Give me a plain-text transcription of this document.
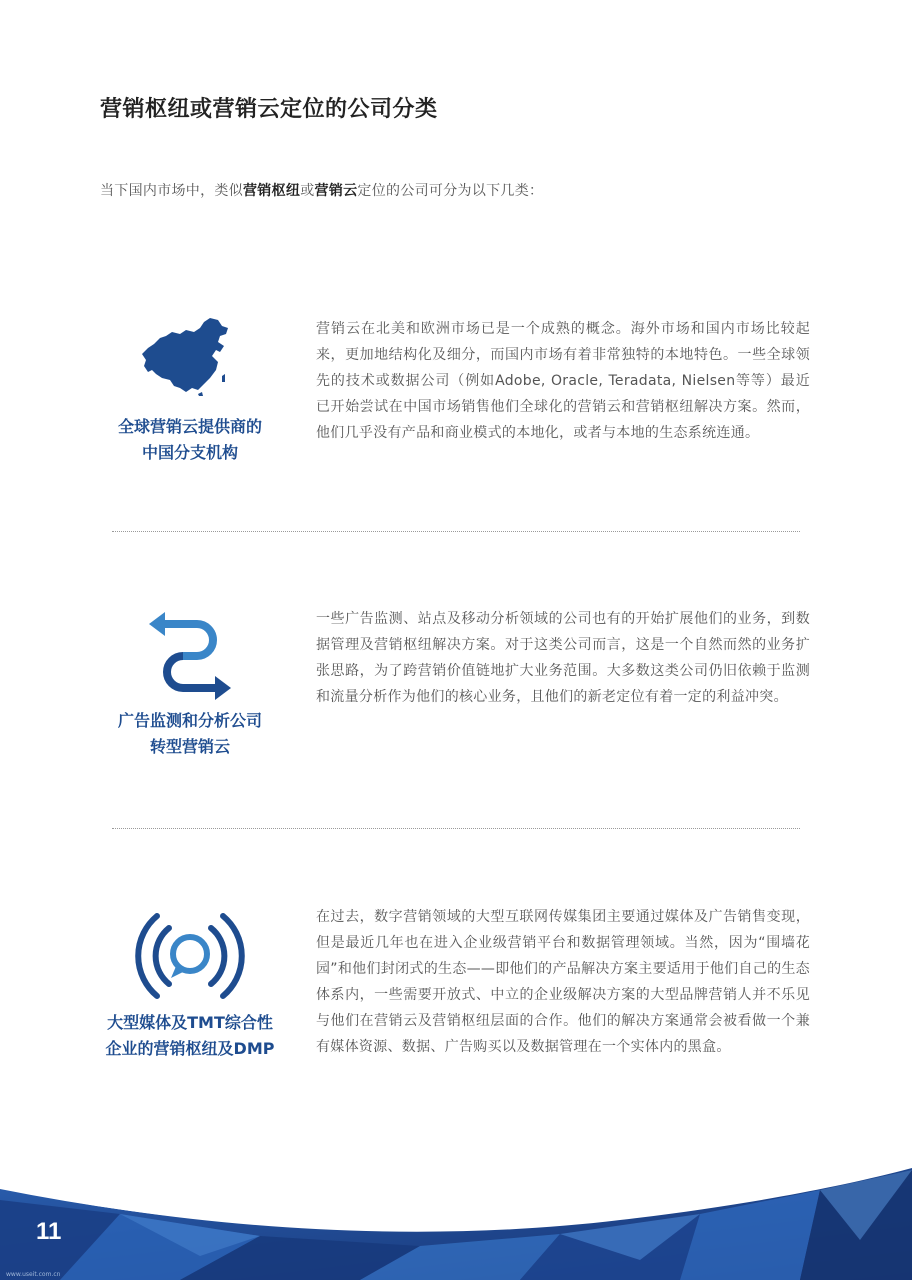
营销枢纽或营销云定位的公司分类

当下国内市场中，类似营销枢纽或营销云定位的公司可分为以下几类：

全球营销云提供商的
中国分支机构

营销云在北美和欧洲市场已是一个成熟的概念。海外市场和国内市场比较起来，更加地结构化及细分，而国内市场有着非常独特的本地特色。一些全球领先的技术或数据公司（例如Adobe, Oracle, Teradata, Nielsen等等）最近已开始尝试在中国市场销售他们全球化的营销云和营销枢纽解决方案。然而，他们几乎没有产品和商业模式的本地化，或者与本地的生态系统连通。

广告监测和分析公司
转型营销云

一些广告监测、站点及移动分析领域的公司也有的开始扩展他们的业务，到数据管理及营销枢纽解决方案。对于这类公司而言，这是一个自然而然的业务扩张思路，为了跨营销价值链地扩大业务范围。大多数这类公司仍旧依赖于监测和流量分析作为他们的核心业务，且他们的新老定位有着一定的利益冲突。

大型媒体及TMT综合性
企业的营销枢纽及DMP

在过去，数字营销领域的大型互联网传媒集团主要通过媒体及广告销售变现，但是最近几年也在进入企业级营销平台和数据管理领域。当然，因为“围墙花园”和他们封闭式的生态——即他们的产品解决方案主要适用于他们自己的生态体系内，一些需要开放式、中立的企业级解决方案的大型品牌营销人并不乐见与他们在营销云及营销枢纽层面的合作。他们的解决方案通常会被看做一个兼有媒体资源、数据、广告购买以及数据管理在一个实体内的黑盒。

11
www.useit.com.cn
